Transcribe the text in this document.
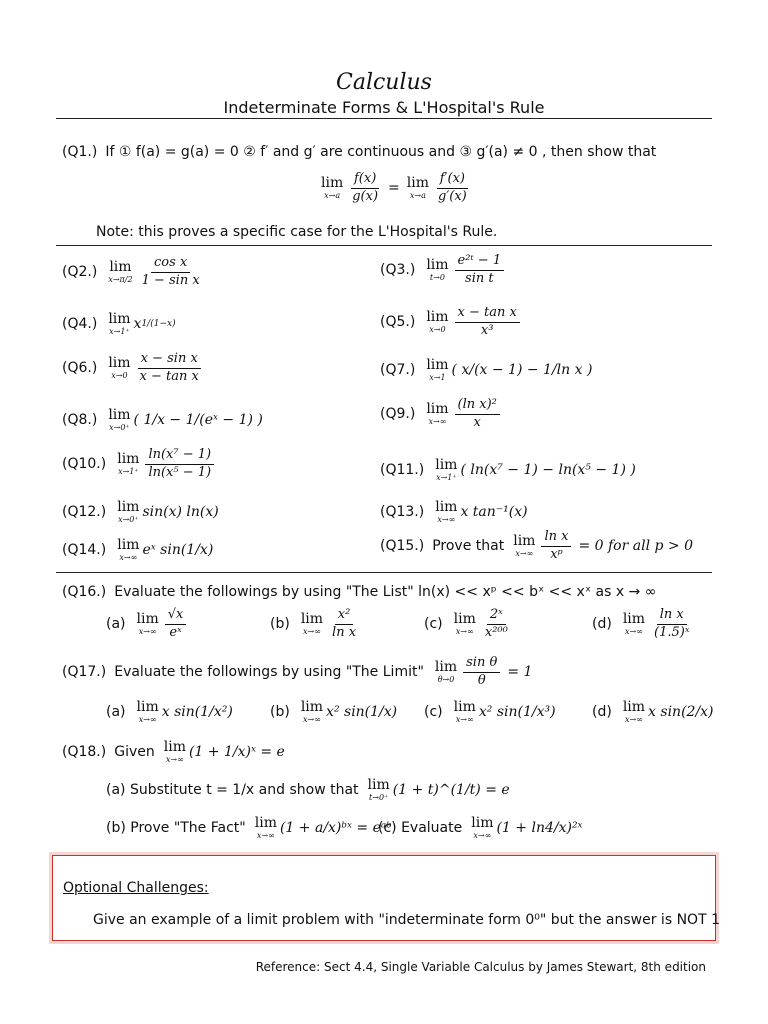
Calculus
Indeterminate Forms & L'Hospital's Rule
(Q1.) If ① f(a) = g(a) = 0 ② f′ and g′ are continuous and ③ g′(a) ≠ 0 , then show that
lim
$x\to a \frac{f(x)}{g(x)} = \lim$
$x\to a \frac{f'(x)}{g'(x)}$
Note: this proves a specific case for the L'Hospital's Rule.
(Q2.) lim
$x\to\pi/2 \frac{\text{cos x}}{\text{1 − sin x}}$	(Q3.) lim
$t\to 0 \frac{\text{e²ᵗ − 1}}{\text{sin t}}$
(Q4.) lim
x→1⁺ x 1/(1−x)	(Q5.) lim
$x\to 0 \frac{\text{x − tan x}}{\text{x³}}$
(Q6.) lim
$x\to 0 \frac{\text{x − sin x}}{\text{x − tan x}}$	(Q7.) lim
x→1 ( x/(x − 1) − 1/ln x )
(Q8.) lim
x→0⁺ ( 1/x − 1/(eˣ − 1) )	(Q9.) lim
$x\to\infty \frac{\text{(ln x)²}}{x}$
(Q10.) lim
$x\to 1^+ \frac{\text{ln(x⁷ − 1)}}{\text{ln(x⁵ − 1)}}$	(Q11.) lim
x→1⁺ ( ln(x⁷ − 1) − ln(x⁵ − 1) )
(Q12.) lim
x→0⁺ sin(x) ln(x)	(Q13.) lim
x→∞ x tan⁻¹(x)
(Q14.) lim
x→∞ eˣ sin(1/x)	(Q15.) Prove that lim
$x\to\infty \frac{\text{ln x}}{\text{xᵖ}} = 0$ for all p > 0
(Q16.) Evaluate the followings by using "The List" ln(x) << xᵖ << bˣ << xˣ as x → ∞
(a) lim
$x\to\infty \frac{√x}{\text{eˣ}}$	(b) lim
$x\to\infty \frac{\text{x²}}{\text{ln x}}$	(c) lim
$x\to\infty \frac{\text{2ˣ}}{\text{x²⁰⁰}}$	(d) lim
$x\to\infty \frac{\text{ln x}}{\text{(1.5)ˣ}}$
(Q17.) Evaluate the followings by using "The Limit" lim
$\theta\to 0 \frac{\text{sin θ}}{\theta} = 1$
(a) lim
x→∞ x sin(1/x²)	(b) lim
x→∞ x² sin(1/x) (c) lim
x→∞ x² sin(1/x³)	(d) lim
x→∞ x sin(2/x)
(Q18.) Given lim
x→∞ (1 + 1/x)ˣ = e
(a) Substitute t = 1/x and show that lim
t→0⁺ (1 + t)^(1/t) = e
(b) Prove "The Fact" lim
x→∞ (1 + a/x)ᵇˣ = eᵃᵇ
(c) Evaluate lim
x→∞ (1 + ln4/x)²ˣ
Optional Challenges:
Give an example of a limit problem with "indeterminate form 0⁰" but the answer is NOT 1
Reference: Sect 4.4, Single Variable Calculus by James Stewart, 8th edition
